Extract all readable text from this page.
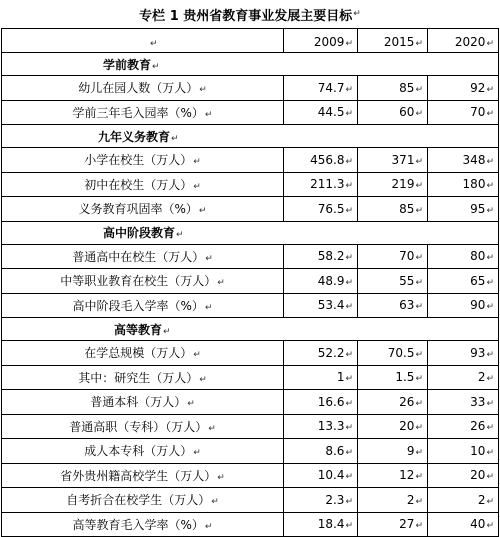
专栏 1 贵州省教育事业发展主要目标 ↵
↵	2009↵	2015↵	2020↵
学前教育↵			
幼儿在园人数（万人）↵	74.7↵	85↵	92↵
学前三年毛入园率（%）↵	44.5↵	60↵	70↵
九年义务教育↵			
小学在校生（万人）↵	456.8↵	371↵	348↵
初中在校生（万人）↵	211.3↵	219↵	180↵
义务教育巩固率（%）↵	76.5↵	85↵	95↵
高中阶段教育↵			
普通高中在校生（万人）↵	58.2↵	70↵	80↵
中等职业教育在校生（万人）↵	48.9↵	55↵	65↵
高中阶段毛入学率（%）↵	53.4↵	63↵	90↵
高等教育↵			
在学总规模（万人）↵	52.2↵	70.5↵	93↵
其中：研究生（万人）↵	1↵	1.5↵	2↵
普通本科（万人）↵	16.6↵	26↵	33↵
普通高职（专科）（万人）↵	13.3↵	20↵	26↵
成人本专科（万人）↵	8.6↵	9↵	10↵
省外贵州籍高校学生（万人）↵	10.4↵	12↵	20↵
自考折合在校学生（万人）↵	2.3↵	2↵	2↵
高等教育毛入学率（%）↵	18.4↵	27↵	40↵
